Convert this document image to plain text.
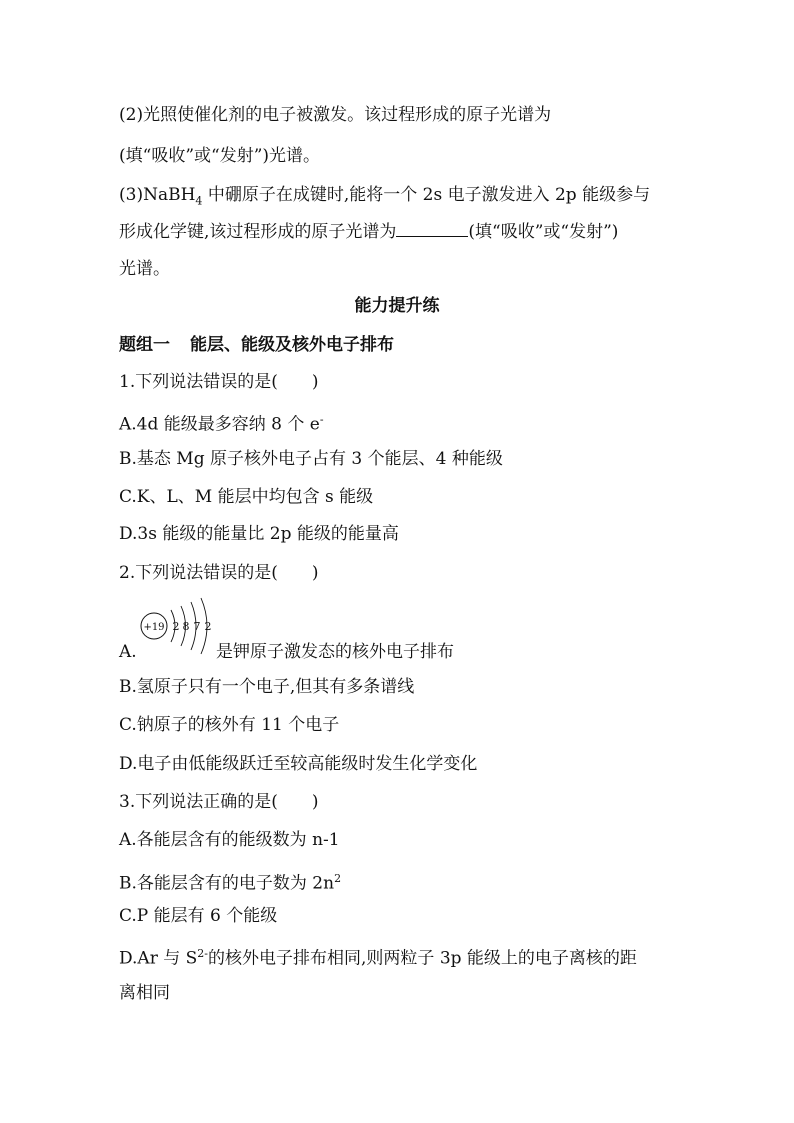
(2)光照使催化剂的电子被激发。该过程形成的原子光谱为
(填“吸收”或“发射”)光谱。
(3)NaBH$_4$ 中硼原子在成键时,能将一个 2s 电子激发进入 2p 能级参与
形成化学键,该过程形成的原子光谱为	(填“吸收”或“发射”)
光谱。
能力提升练
题组一 能层、能级及核外电子排布
1.下列说法错误的是(　　)
A.4d 能级最多容纳 8 个 e-
B.基态 Mg 原子核外电子占有 3 个能层、4 种能级
C.K、L、M 能层中均包含 s 能级
D.3s 能级的能量比 2p 能级的能量高
2.下列说法错误的是(　　)
+19 2 8 7 2
A.	是钾原子激发态的核外电子排布
B.氢原子只有一个电子,但其有多条谱线
C.钠原子的核外有 11 个电子
D.电子由低能级跃迁至较高能级时发生化学变化
3.下列说法正确的是(　　)
A.各能层含有的能级数为 n-1
B.各能层含有的电子数为 $2n^2$
C.P 能层有 6 个能级
D.Ar 与 $S^{2-}$的核外电子排布相同,则两粒子 3p 能级上的电子离核的距
离相同
